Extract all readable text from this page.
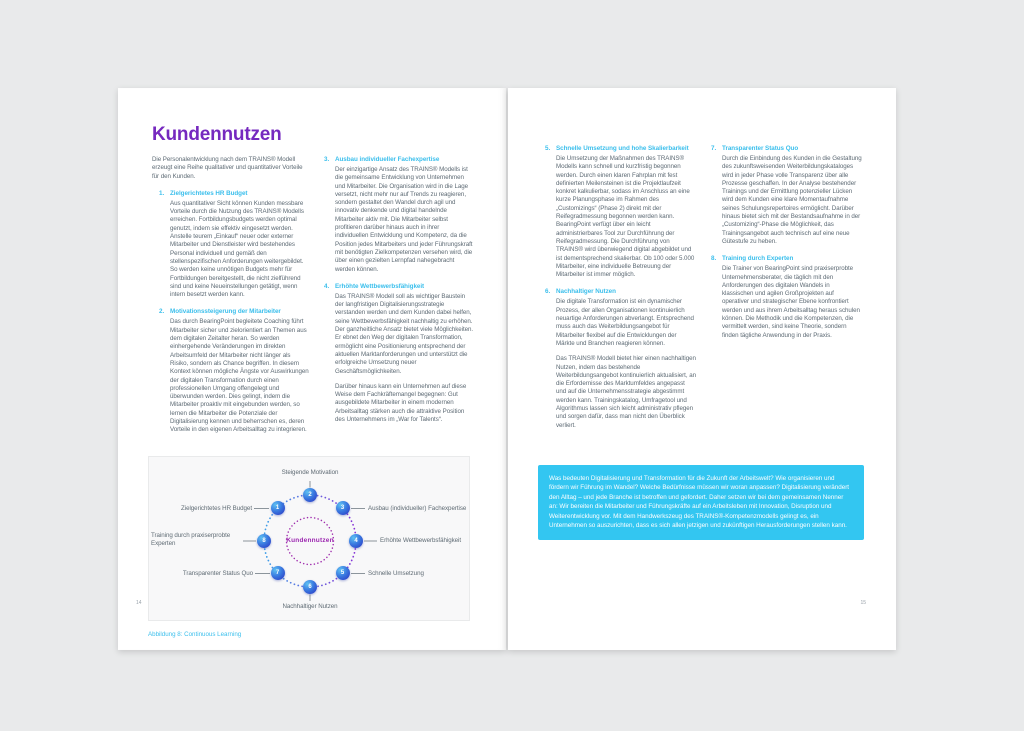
Kundennutzen

Die Personalentwicklung nach dem TRAINS® Modell erzeugt eine Reihe qualitativer und quantitativer Vorteile für den Kunden.

1. Zielgerichtetes HR Budget

Aus quantitativer Sicht können Kunden messbare Vorteile durch die Nutzung des TRAINS® Modells erreichen. Fortbildungsbudgets werden optimal genutzt, indem sie effektiv eingesetzt werden. Anstelle teurem „Einkauf“ neuer oder externer Mitarbeiter und Dienstleister wird bestehendes Personal individuell und gemäß den stellenspezifischen Anforderungen weitergebildet. So werden keine unnötigen Budgets mehr für Fortbildungen bereitgestellt, die nicht zielführend sind und keine Neueinstellungen getätigt, wenn intern besetzt werden kann.

2. Motivationssteigerung der Mitarbeiter

Das durch BearingPoint begleitete Coaching führt Mitarbeiter sicher und zielorientiert an Themen aus dem digitalen Zeitalter heran. So werden einhergehende Veränderungen im direkten Arbeitsumfeld der Mitarbeiter nicht länger als Risiko, sondern als Chance begriffen. In diesem Kontext können mögliche Ängste vor Auswirkungen der digitalen Transformation durch einen professionellen Umgang offengelegt und überwunden werden. Dies gelingt, indem die Mitarbeiter proaktiv mit eingebunden werden, so lernen die Mitarbeiter die Potenziale der Digitalisierung kennen und beherrschen es, deren Vorteile in den eigenen Arbeitsalltag zu integrieren.

3. Ausbau individueller Fachexpertise

Der einzigartige Ansatz des TRAINS® Modells ist die gemeinsame Entwicklung von Unternehmen und Mitarbeiter. Die Organisation wird in die Lage versetzt, nicht mehr nur auf Trends zu reagieren, sondern gestaltet den Wandel durch agil und innovativ denkende und digital handelnde Mitarbeiter aktiv mit. Die Mitarbeiter selbst profitieren darüber hinaus auch in ihrer individuellen Entwicklung und Kompetenz, da die Position jedes Mitarbeiters und jeder Führungskraft mit benötigten Zielkompetenzen versehen wird, die über einen gezielten Lernpfad nahegebracht werden können.

4. Erhöhte Wettbewerbsfähigkeit

Das TRAINS® Modell soll als wichtiger Baustein der langfristigen Digitalisierungsstrategie verstanden werden und dem Kunden dabei helfen, seine Wettbewerbsfähigkeit nachhaltig zu erhöhen. Der ganzheitliche Ansatz bietet viele Möglichkeiten. Er ebnet den Weg der digitalen Transformation, ermöglicht eine Positionierung entsprechend der aktuellen Marktanforderungen und unterstützt die erfolgreiche Umsetzung neuer Geschäftsmöglichkeiten.

Darüber hinaus kann ein Unternehmen auf diese Weise dem Fachkräftemangel begegnen: Gut ausgebildete Mitarbeiter in einem modernen Arbeitsalltag stärken auch die attraktive Position des Unternehmens im „War for Talents“.

1
2
3
4
5
6
7
8
Zielgerichtetes HR Budget
Steigende Motivation
Ausbau (individueller) Fachexpertise
Erhöhte Wettbewerbsfähigkeit
Schnelle Umsetzung
Nachhaltiger Nutzen
Transparenter Status Quo
Training durch praxiserprobte Experten	Kundennutzen
Abbildung 8: Continuous Learning
14
5. Schnelle Umsetzung und hohe Skalierbarkeit

Die Umsetzung der Maßnahmen des TRAINS® Modells kann schnell und kurzfristig begonnen werden. Durch einen klaren Fahrplan mit fest definierten Meilensteinen ist die Projektlaufzeit konkret kalkulierbar, sodass im Anschluss an eine kurze Planungsphase im Rahmen des „Customizings“ (Phase 2) direkt mit der Reifegradmessung begonnen werden kann. BearingPoint verfügt über ein leicht administrierbares Tool zur Durchführung der Reifegradmessung. Die Durchführung von TRAINS® wird überwiegend digital abgebildet und ist dementsprechend skalierbar. Ob 100 oder 5.000 Mitarbeiter, eine individuelle Betreuung der Mitarbeiter ist immer möglich.

6. Nachhaltiger Nutzen

Die digitale Transformation ist ein dynamischer Prozess, der allen Organisationen kontinuierlich neuartige Anforderungen abverlangt. Entsprechend muss auch das Weiterbildungsangebot für Mitarbeiter flexibel auf die Entwicklungen der Märkte und Branchen reagieren können.

Das TRAINS® Modell bietet hier einen nachhaltigen Nutzen, indem das bestehende Weiterbildungsangebot kontinuierlich aktualisiert, an die Erfordernisse des Marktumfeldes angepasst und auf die Unternehmensstrategie abgestimmt werden kann. Trainingskatalog, Umfragetool und Algorithmus lassen sich leicht administrativ pflegen und sorgen dafür, dass man nicht den Überblick verliert.

7. Transparenter Status Quo

Durch die Einbindung des Kunden in die Gestaltung des zukunftsweisenden Weiterbildungskataloges wird in jeder Phase volle Transparenz über alle Prozesse geschaffen. In der Analyse bestehender Trainings und der Ermittlung potenzieller Lücken wird dem Kunden eine klare Momentaufnahme seines Schulungsrepertoires ermöglicht. Darüber hinaus bietet sich mit der Bestandsaufnahme in der „Customizing“-Phase die Möglichkeit, das Trainingsangebot auch technisch auf eine neue Gütestufe zu heben.

8. Training durch Experten

Die Trainer von BearingPoint sind praxiserprobte Unternehmensberater, die täglich mit den Anforderungen des digitalen Wandels in klassischen und agilen Großprojekten auf operativer und strategischer Ebene konfrontiert werden und aus ihrem Arbeitsalltag heraus schulen können. Die Methodik und die Kompetenzen, die vermittelt werden, sind keine Theorie, sondern finden tägliche Anwendung in der Praxis.

Was bedeuten Digitalisierung und Transformation für die Zukunft der Arbeitswelt? Wie organisieren und fördern wir Führung im Wandel? Welche Bedürfnisse müssen wir woran anpassen? Digitalisierung verändert den Alltag – und jede Branche ist betroffen und gefordert. Daher setzen wir bei dem gemeinsamen Nenner an: Wir bereiten die Mitarbeiter und Führungskräfte auf ein Arbeitsleben mit Innovation, Disruption und Weiterentwicklung vor. Mit dem Handwerkszeug des TRAINS®-Kompetenzmodells gelingt es, ein Unternehmen so auszurichten, dass es sich allen jetzigen und zukünftigen Herausforderungen stellen kann.
15
